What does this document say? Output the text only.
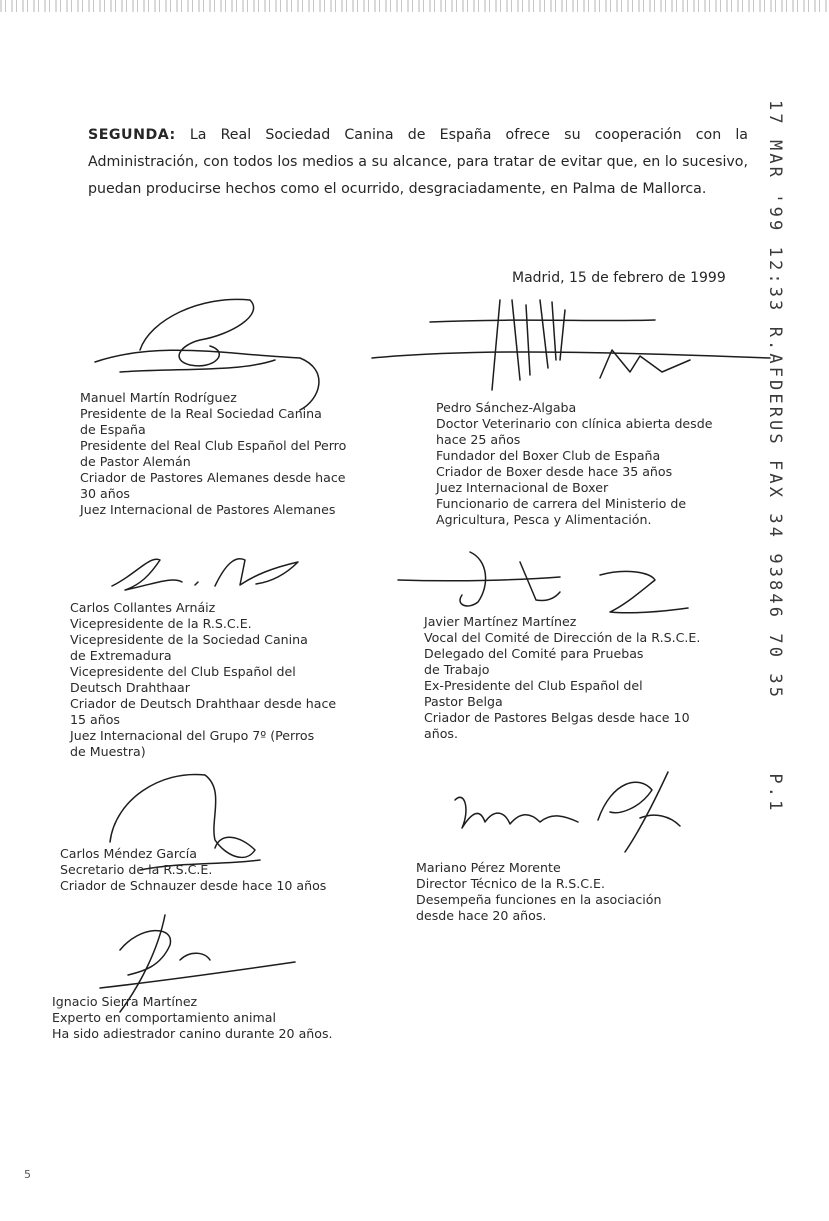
17 MAR '99 12:33 R.AFDERUS FAX 34 93846 70 35 P.1

SEGUNDA: La Real Sociedad Canina de España ofrece su cooperación con la Administración, con todos los medios a su alcance, para tratar de evitar que, en lo sucesivo, puedan producirse hechos como el ocurrido, desgraciadamente, en Palma de Mallorca.

Madrid, 15 de febrero de 1999

Manuel Martín Rodríguez
Presidente de la Real Sociedad Canina
de España
Presidente del Real Club Español del Perro
de Pastor Alemán
Criador de Pastores Alemanes desde hace
30 años
Juez Internacional de Pastores Alemanes
Pedro Sánchez-Algaba
Doctor Veterinario con clínica abierta desde
hace 25 años
Fundador del Boxer Club de España
Criador de Boxer desde hace 35 años
Juez Internacional de Boxer
Funcionario de carrera del Ministerio de
Agricultura, Pesca y Alimentación.
Carlos Collantes Arnáiz
Vicepresidente de la R.S.C.E.
Vicepresidente de la Sociedad Canina
de Extremadura
Vicepresidente del Club Español del
Deutsch Drahthaar
Criador de Deutsch Drahthaar desde hace
15 años
Juez Internacional del Grupo 7º (Perros
de Muestra)
Javier Martínez Martínez
Vocal del Comité de Dirección de la R.S.C.E.
Delegado del Comité para Pruebas
de Trabajo
Ex-Presidente del Club Español del
Pastor Belga
Criador de Pastores Belgas desde hace 10
años.
Carlos Méndez García
Secretario de la R.S.C.E.
Criador de Schnauzer desde hace 10 años
Mariano Pérez Morente
Director Técnico de la R.S.C.E.
Desempeña funciones en la asociación
desde hace 20 años.
Ignacio Sierra Martínez
Experto en comportamiento animal
Ha sido adiestrador canino durante 20 años.
5
